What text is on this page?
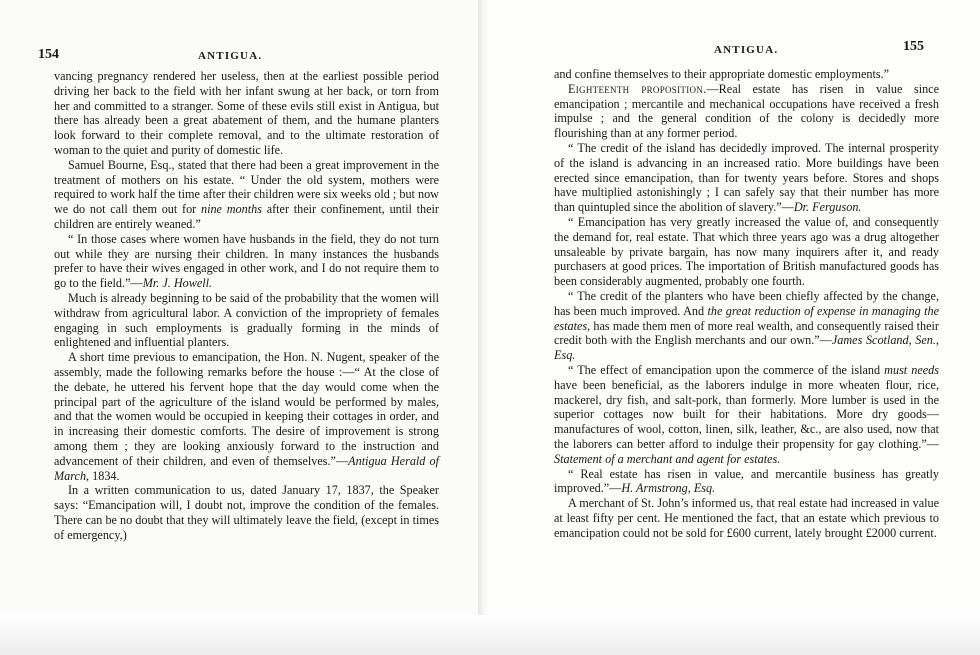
154	ANTIGUA.

vancing pregnancy rendered her useless, then at the earliest possible period driving her back to the field with her infant swung at her back, or torn from her and committed to a stranger. Some of these evils still exist in Antigua, but there has already been a great abatement of them, and the humane planters look forward to their complete removal, and to the ultimate restoration of woman to the quiet and purity of domestic life.

Samuel Bourne, Esq., stated that there had been a great improvement in the treatment of mothers on his estate. “ Under the old system, mothers were required to work half the time after their children were six weeks old ; but now we do not call them out for nine months after their confinement, until their children are entirely weaned.”

“ In those cases where women have husbands in the field, they do not turn out while they are nursing their children. In many instances the husbands prefer to have their wives engaged in other work, and I do not require them to go to the field.”—Mr. J. Howell.

Much is already beginning to be said of the probability that the women will withdraw from agricultural labor. A conviction of the impropriety of females engaging in such employments is gradually forming in the minds of enlightened and influential planters.

A short time previous to emancipation, the Hon. N. Nugent, speaker of the assembly, made the following remarks before the house :—“ At the close of the debate, he uttered his fervent hope that the day would come when the principal part of the agriculture of the island would be performed by males, and that the women would be occupied in keeping their cottages in order, and in increasing their domestic comforts. The desire of improvement is strong among them ; they are looking anxiously forward to the instruction and advancement of their children, and even of themselves.”—Antigua Herald of March, 1834.

In a written communication to us, dated January 17, 1837, the Speaker says: “Emancipation will, I doubt not, improve the condition of the females. There can be no doubt that they will ultimately leave the field, (except in times of emergency,)

ANTIGUA.	155

and confine themselves to their appropriate domestic employments.”

Eighteenth proposition.—Real estate has risen in value since emancipation ; mercantile and mechanical occupations have received a fresh impulse ; and the general condition of the colony is decidedly more flourishing than at any former period.

“ The credit of the island has decidedly improved. The internal prosperity of the island is advancing in an increased ratio. More buildings have been erected since emancipation, than for twenty years before. Stores and shops have multiplied astonishingly ; I can safely say that their number has more than quintupled since the abolition of slavery.”—Dr. Ferguson.

“ Emancipation has very greatly increased the value of, and consequently the demand for, real estate. That which three years ago was a drug altogether unsaleable by private bargain, has now many inquirers after it, and ready purchasers at good prices. The importation of British manufactured goods has been considerably augmented, probably one fourth.

“ The credit of the planters who have been chiefly affected by the change, has been much improved. And the great reduction of expense in managing the estates, has made them men of more real wealth, and consequently raised their credit both with the English merchants and our own.”—James Scotland, Sen., Esq.

“ The effect of emancipation upon the commerce of the island must needs have been beneficial, as the laborers indulge in more wheaten flour, rice, mackerel, dry fish, and salt-pork, than formerly. More lumber is used in the superior cottages now built for their habitations. More dry goods—manufactures of wool, cotton, linen, silk, leather, &c., are also used, now that the laborers can better afford to indulge their propensity for gay clothing.”—Statement of a merchant and agent for estates.

“ Real estate has risen in value, and mercantile business has greatly improved.”—H. Armstrong, Esq.

A merchant of St. John’s informed us, that real estate had increased in value at least fifty per cent. He mentioned the fact, that an estate which previous to emancipation could not be sold for £600 current, lately brought £2000 current.
